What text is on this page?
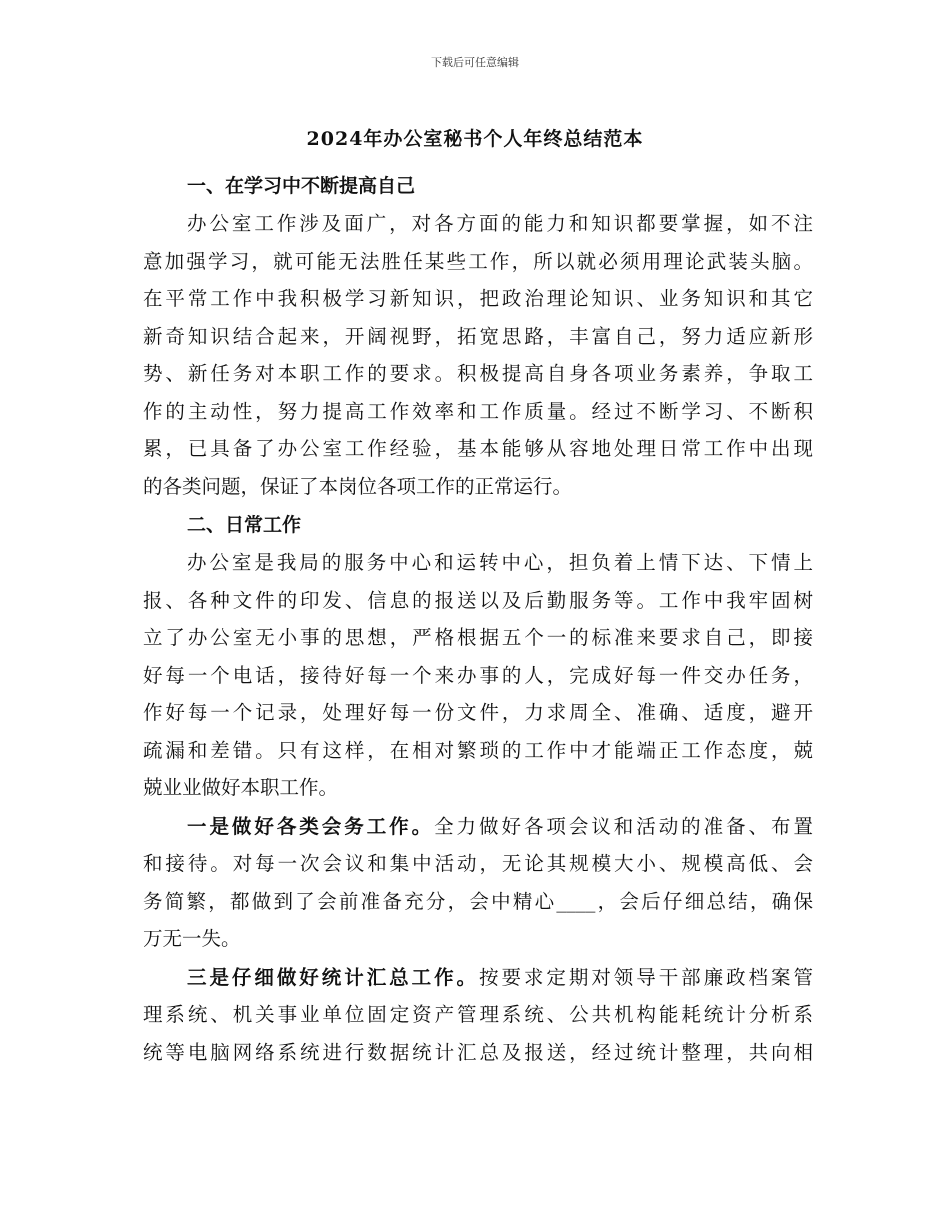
下载后可任意编辑
2024年办公室秘书个人年终总结范本
一、在学习中不断提高自己
办公室工作涉及面广，对各方面的能力和知识都要掌握，如不注
意加强学习，就可能无法胜任某些工作，所以就必须用理论武装头脑。
在平常工作中我积极学习新知识，把政治理论知识、业务知识和其它
新奇知识结合起来，开阔视野，拓宽思路，丰富自己，努力适应新形
势、新任务对本职工作的要求。积极提高自身各项业务素养，争取工
作的主动性，努力提高工作效率和工作质量。经过不断学习、不断积
累，已具备了办公室工作经验，基本能够从容地处理日常工作中出现
的各类问题，保证了本岗位各项工作的正常运行。
二、日常工作
办公室是我局的服务中心和运转中心，担负着上情下达、下情上
报、各种文件的印发、信息的报送以及后勤服务等。工作中我牢固树
立了办公室无小事的思想，严格根据五个一的标准来要求自己，即接
好每一个电话，接待好每一个来办事的人，完成好每一件交办任务，
作好每一个记录，处理好每一份文件，力求周全、准确、适度，避开
疏漏和差错。只有这样，在相对繁琐的工作中才能端正工作态度，兢
兢业业做好本职工作。
一是做好各类会务工作。全力做好各项会议和活动的准备、布置
和接待。对每一次会议和集中活动，无论其规模大小、规模高低、会
务简繁，都做到了会前准备充分，会中精心____，会后仔细总结，确保
万无一失。
三是仔细做好统计汇总工作。按要求定期对领导干部廉政档案管
理系统、机关事业单位固定资产管理系统、公共机构能耗统计分析系
统等电脑网络系统进行数据统计汇总及报送，经过统计整理，共向相
